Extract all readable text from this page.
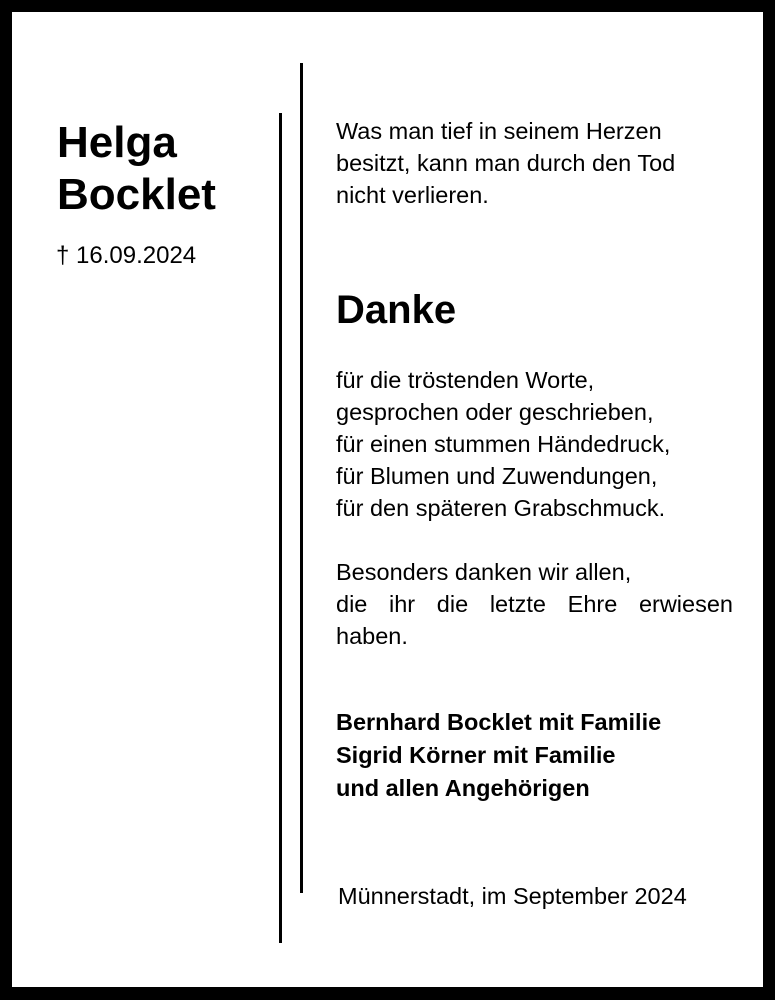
Helga
Bocklet
† 16.09.2024
Was man tief in seinem Herzen
besitzt, kann man durch den Tod
nicht verlieren.
Danke
für die tröstenden Worte,
gesprochen oder geschrieben,
für einen stummen Händedruck,
für Blumen und Zuwendungen,
für den späteren Grabschmuck.
Besonders danken wir allen,
die ihr die letzte Ehre erwiesen
haben.
Bernhard Bocklet mit Familie
Sigrid Körner mit Familie
und allen Angehörigen
Münnerstadt, im September 2024
